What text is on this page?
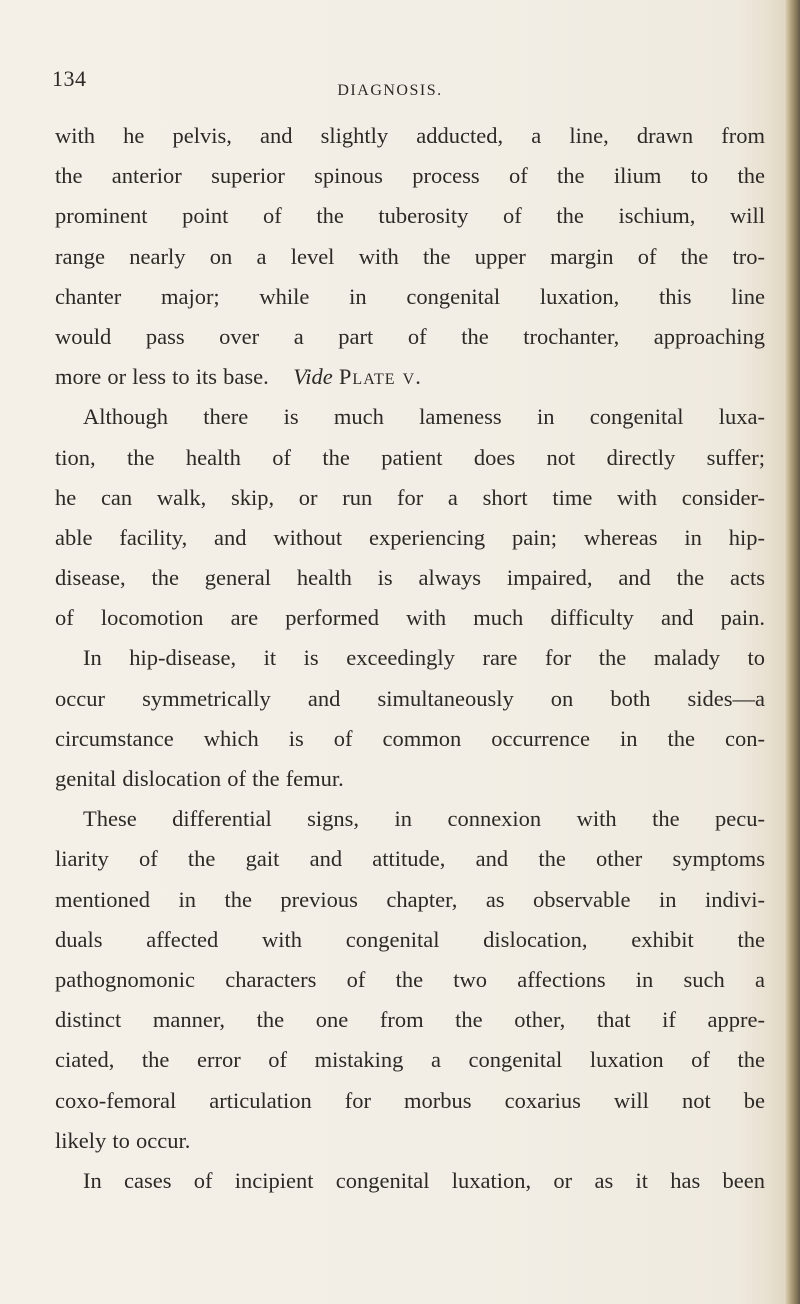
134	DIAGNOSIS.
with he pelvis, and slightly adducted, a line, drawn from
the anterior superior spinous process of the ilium to the
prominent point of the tuberosity of the ischium, will
range nearly on a level with the upper margin of the tro-
chanter major; while in congenital luxation, this line
would pass over a part of the trochanter, approaching
more or less to its base. Vide Plate v.
Although there is much lameness in congenital luxa-
tion, the health of the patient does not directly suffer;
he can walk, skip, or run for a short time with consider-
able facility, and without experiencing pain; whereas in hip-
disease, the general health is always impaired, and the acts
of locomotion are performed with much difficulty and pain.
In hip-disease, it is exceedingly rare for the malady to
occur symmetrically and simultaneously on both sides—a
circumstance which is of common occurrence in the con-
genital dislocation of the femur.
These differential signs, in connexion with the pecu-
liarity of the gait and attitude, and the other symptoms
mentioned in the previous chapter, as observable in indivi-
duals affected with congenital dislocation, exhibit the
pathognomonic characters of the two affections in such a
distinct manner, the one from the other, that if appre-
ciated, the error of mistaking a congenital luxation of the
coxo-femoral articulation for morbus coxarius will not be
likely to occur.
In cases of incipient congenital luxation, or as it has been
